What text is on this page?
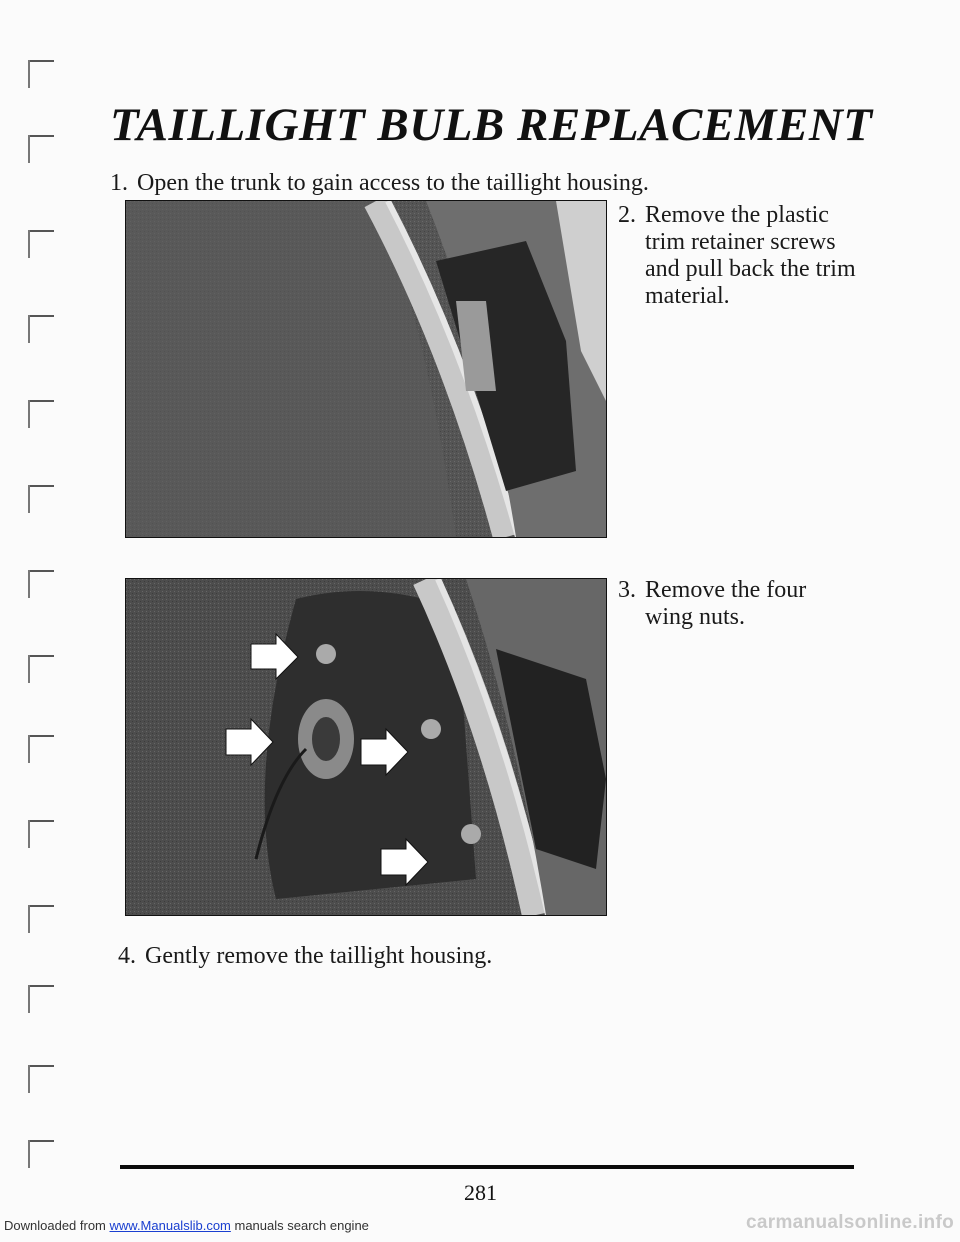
TAILLIGHT BULB REPLACEMENT
1. Open the trunk to gain access to the taillight housing.
2. Remove the plastic trim retainer screws and pull back the trim material.
3. Remove the four wing nuts.
4. Gently remove the taillight housing.
281
Downloaded from www.Manualslib.com manuals search engine	carmanualsonline.info
